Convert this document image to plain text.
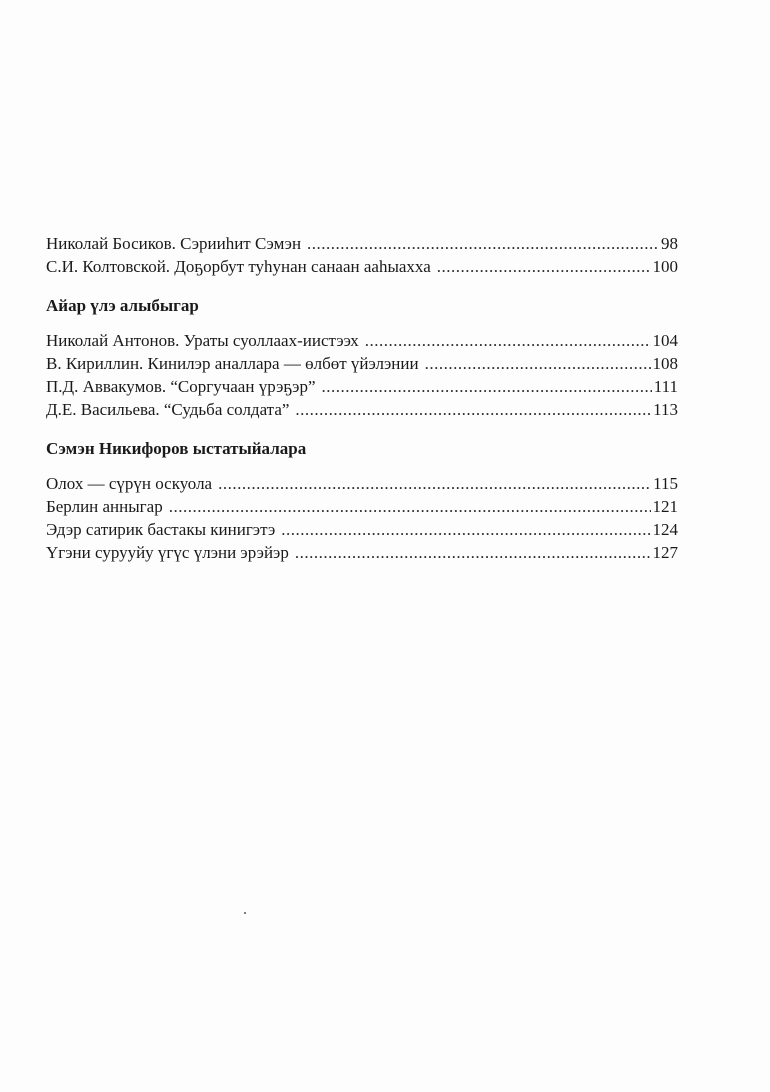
Николай Босиков. Сэрииһит Сэмэн .....	98
С.И. Колтовской. Доҕорбут туһунан санаан ааһыахха .....	100
Айар үлэ алыбыгар
Николай Антонов. Ураты суоллаах-иистээх .....	104
В. Кириллин. Кинилэр аналлара — өлбөт үйэлэнии .....	108
П.Д. Аввакумов. “Соргучаан үрэҕэр” .....	111
Д.Е. Васильева. “Судьба солдата” .....	113
Сэмэн Никифоров ыстатыйалара
Олох — сүрүн оскуола .....	115
Берлин анныгар .....	121
Эдэр сатирик бастакы кинигэтэ .....	124
Үгэни сурууйу үгүс үлэни эрэйэр .....	127
